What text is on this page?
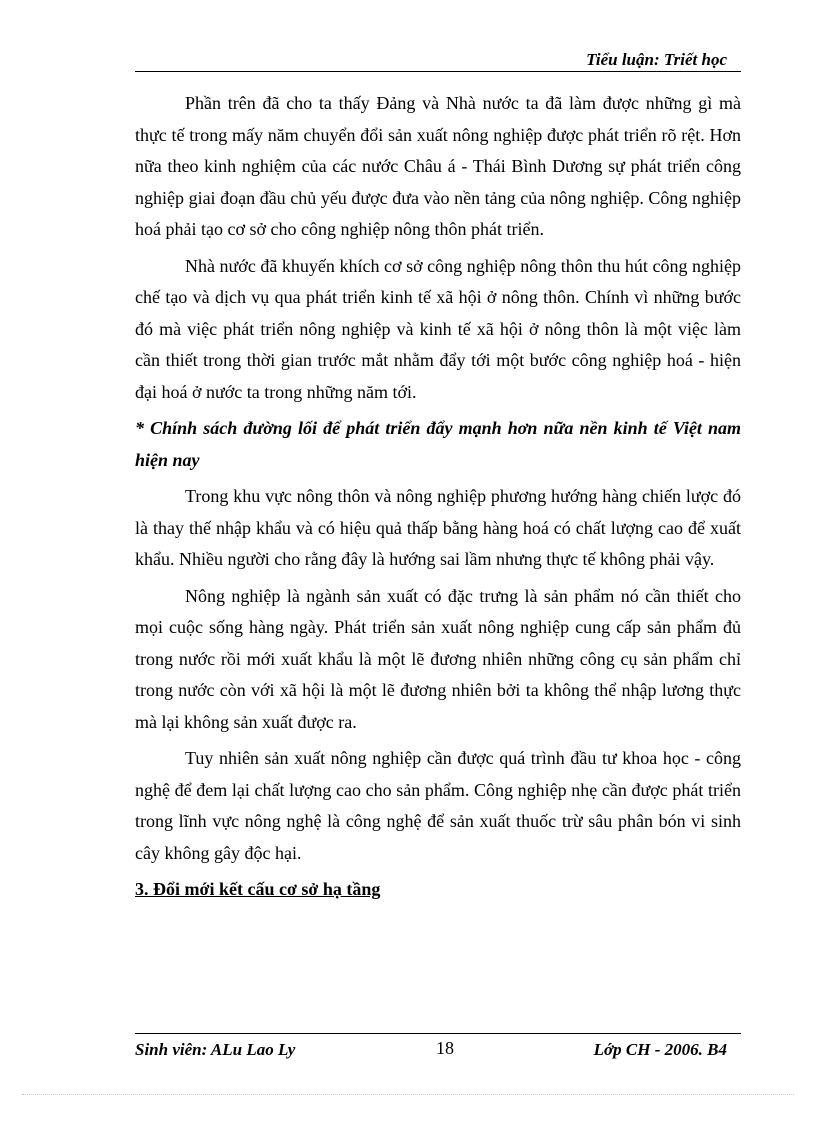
Tiểu luận: Triết học

Phần trên đã cho ta thấy Đảng và Nhà nước ta đã làm được những gì mà thực tế trong mấy năm chuyển đổi sản xuất nông nghiệp được phát triển rõ rệt. Hơn nữa theo kinh nghiệm của các nước Châu á - Thái Bình Dương sự phát triển công nghiệp giai đoạn đầu chủ yếu được đưa vào nền tảng của nông nghiệp. Công nghiệp hoá phải tạo cơ sở cho công nghiệp nông thôn phát triển.

Nhà nước đã khuyến khích cơ sở công nghiệp nông thôn thu hút công nghiệp chế tạo và dịch vụ qua phát triển kinh tế xã hội ở nông thôn. Chính vì những bước đó mà việc phát triển nông nghiệp và kinh tế xã hội ở nông thôn là một việc làm cần thiết trong thời gian trước mắt nhằm đẩy tới một bước công nghiệp hoá - hiện đại hoá ở nước ta trong những năm tới.

* Chính sách đường lối để phát triển đẩy mạnh hơn nữa nền kinh tế Việt nam hiện nay

Trong khu vực nông thôn và nông nghiệp phương hướng hàng chiến lược đó là thay thế nhập khẩu và có hiệu quả thấp bằng hàng hoá có chất lượng cao để xuất khẩu. Nhiều người cho rằng đây là hướng sai lầm nhưng thực tế không phải vậy.

Nông nghiệp là ngành sản xuất có đặc trưng là sản phẩm nó cần thiết cho mọi cuộc sống hàng ngày. Phát triển sản xuất nông nghiệp cung cấp sản phẩm đủ trong nước rồi mới xuất khẩu là một lẽ đương nhiên những công cụ sản phẩm chỉ trong nước còn với xã hội là một lẽ đương nhiên bởi ta không thể nhập lương thực mà lại không sản xuất được ra.

Tuy nhiên sản xuất nông nghiệp cần được quá trình đầu tư khoa học - công nghệ để đem lại chất lượng cao cho sản phẩm. Công nghiệp nhẹ cần được phát triển trong lĩnh vực nông nghệ là công nghệ để sản xuất thuốc trừ sâu phân bón vi sinh cây không gây độc hại.

3. Đổi mới kết cấu cơ sở hạ tầng

Sinh viên: ALu Lao Ly	18	Lớp CH - 2006. B4
